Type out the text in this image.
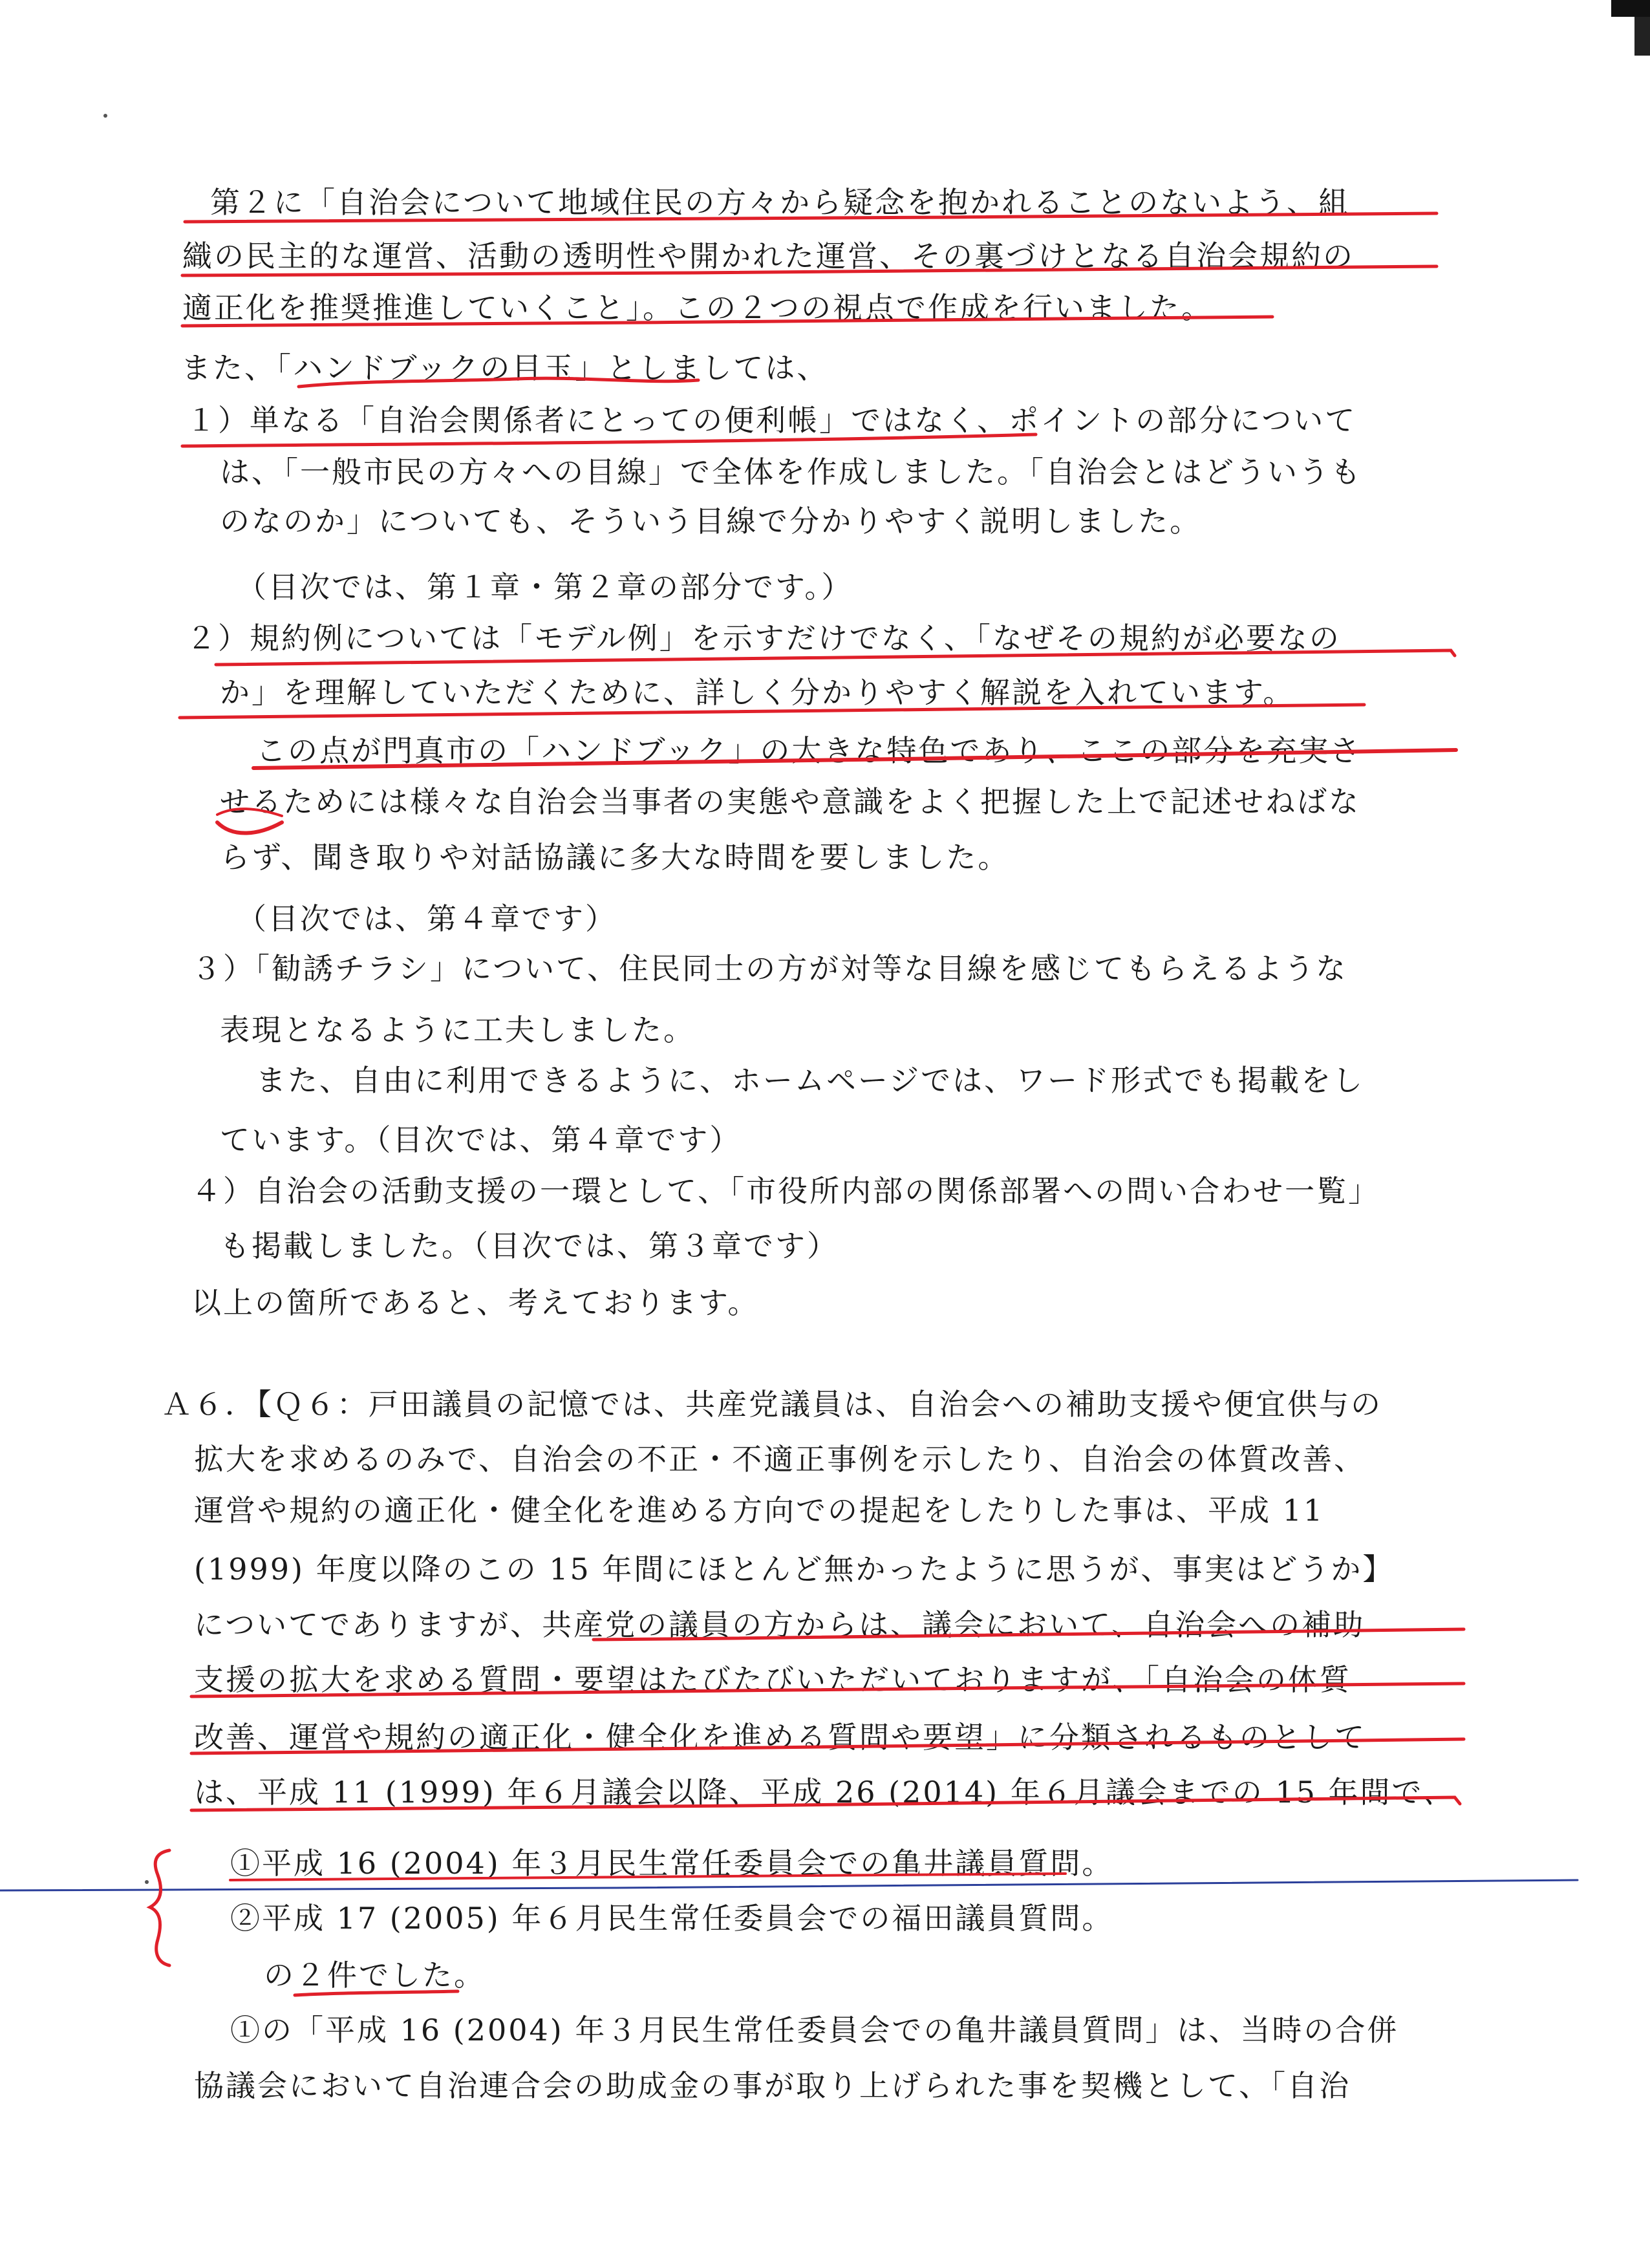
第２に「自治会について地域住民の方々から疑念を抱かれることのないよう、組
織の民主的な運営、活動の透明性や開かれた運営、その裏づけとなる自治会規約の
適正化を推奨推進していくこと」。この２つの視点で作成を行いました。
また、「ハンドブックの目玉」としましては、
１）単なる「自治会関係者にとっての便利帳」ではなく、ポイントの部分について
は、「一般市民の方々への目線」で全体を作成しました。「自治会とはどういうも
のなのか」についても、そういう目線で分かりやすく説明しました。
（目次では、第１章・第２章の部分です。）
２）規約例については「モデル例」を示すだけでなく、「なぜその規約が必要なの
か」を理解していただくために、詳しく分かりやすく解説を入れています。
この点が門真市の「ハンドブック」の大きな特色であり、ここの部分を充実さ
せるためには様々な自治会当事者の実態や意識をよく把握した上で記述せねばな
らず、聞き取りや対話協議に多大な時間を要しました。
（目次では、第４章です）
３）「勧誘チラシ」について、住民同士の方が対等な目線を感じてもらえるような
表現となるように工夫しました。
また、自由に利用できるように、ホームページでは、ワード形式でも掲載をし
ています。（目次では、第４章です）
４）自治会の活動支援の一環として、「市役所内部の関係部署への問い合わせ一覧」
も掲載しました。（目次では、第３章です）
以上の箇所であると、考えております。
Ａ６．【Ｑ６：戸田議員の記憶では、共産党議員は、自治会への補助支援や便宜供与の
拡大を求めるのみで、自治会の不正・不適正事例を示したり、自治会の体質改善、
運営や規約の適正化・健全化を進める方向での提起をしたりした事は、平成 11
(1999) 年度以降のこの 15 年間にほとんど無かったように思うが、事実はどうか】
についてでありますが、共産党の議員の方からは、議会において、自治会への補助
支援の拡大を求める質問・要望はたびたびいただいておりますが、「自治会の体質
改善、運営や規約の適正化・健全化を進める質問や要望」に分類されるものとして
は、平成 11 (1999) 年６月議会以降、平成 26 (2014) 年６月議会までの 15 年間で、
①平成 16 (2004) 年３月民生常任委員会での亀井議員質問。
②平成 17 (2005) 年６月民生常任委員会での福田議員質問。
の２件でした。
①の「平成 16 (2004) 年３月民生常任委員会での亀井議員質問」は、当時の合併
協議会において自治連合会の助成金の事が取り上げられた事を契機として、「自治
